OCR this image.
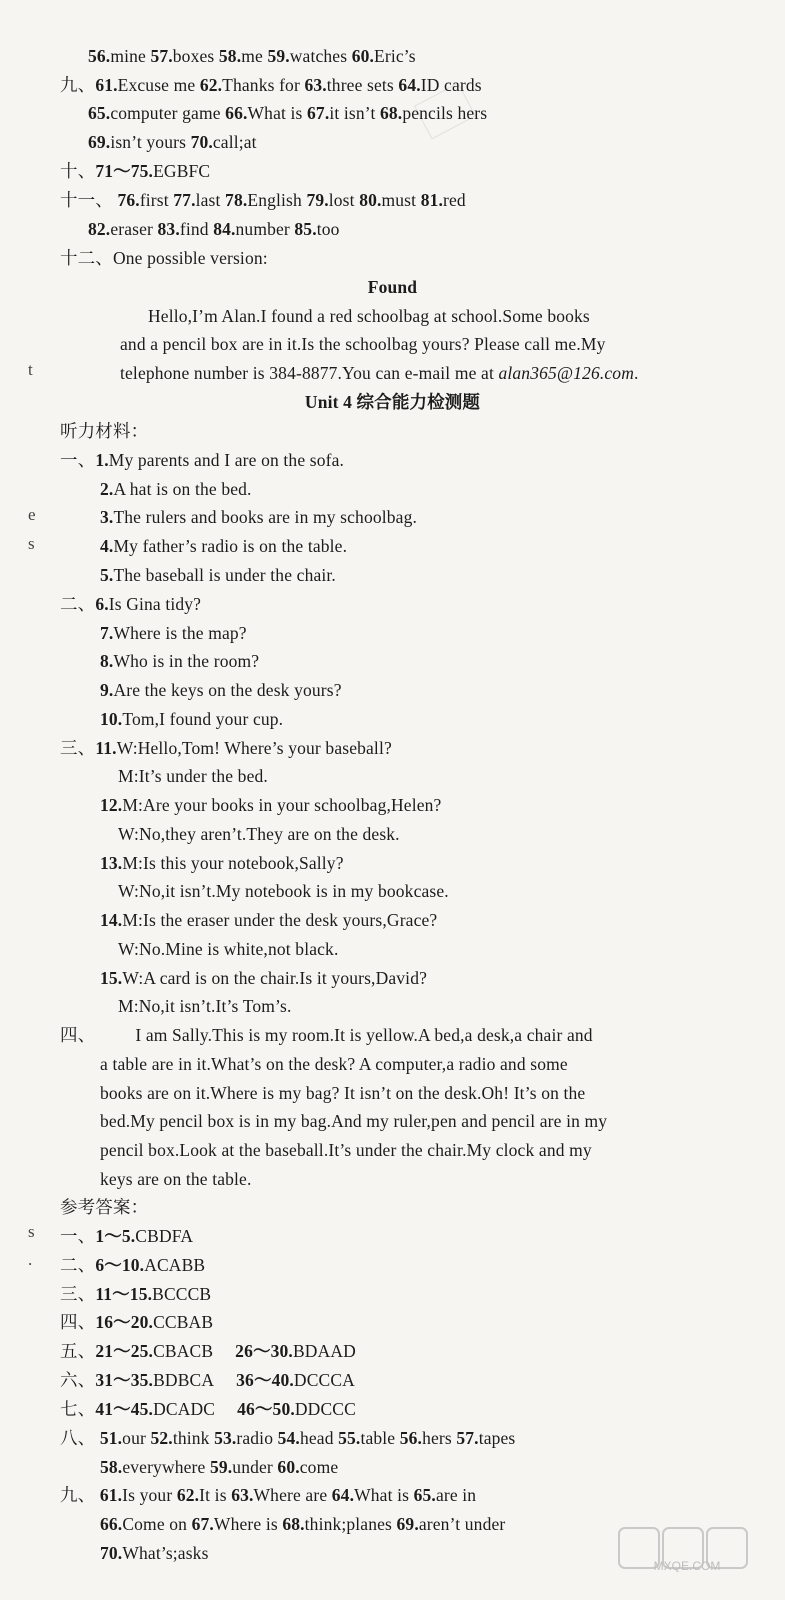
t
e
s
s
.
56.mine 57.boxes 58.me 59.watches 60.Eric’s
九、61.Excuse me 62.Thanks for 63.three sets 64.ID cards
65.computer game 66.What is 67.it isn’t 68.pencils hers
69.isn’t yours 70.call;at
十、71～75.EGBFC
十一、 76.first 77.last 78.English 79.lost 80.must 81.red
82.eraser 83.find 84.number 85.too
十二、One possible version:
Found
Hello,I’m Alan.I found a red schoolbag at school.Some books
and a pencil box are in it.Is the schoolbag yours? Please call me.My
telephone number is 384-8877.You can e-mail me at alan365@126.com.
Unit 4 综合能力检测题
听力材料：
一、1.My parents and I are on the sofa.
2.A hat is on the bed.
3.The rulers and books are in my schoolbag.
4.My father’s radio is on the table.
5.The baseball is under the chair.
二、6.Is Gina tidy?
7.Where is the map?
8.Who is in the room?
9.Are the keys on the desk yours?
10.Tom,I found your cup.
三、11.W:Hello,Tom! Where’s your baseball?
M:It’s under the bed.
12.M:Are your books in your schoolbag,Helen?
W:No,they aren’t.They are on the desk.
13.M:Is this your notebook,Sally?
W:No,it isn’t.My notebook is in my bookcase.
14.M:Is the eraser under the desk yours,Grace?
W:No.Mine is white,not black.
15.W:A card is on the chair.Is it yours,David?
M:No,it isn’t.It’s Tom’s.
四、 I am Sally.This is my room.It is yellow.A bed,a desk,a chair and
a table are in it.What’s on the desk? A computer,a radio and some
books are on it.Where is my bag? It isn’t on the desk.Oh! It’s on the
bed.My pencil box is in my bag.And my ruler,pen and pencil are in my
pencil box.Look at the baseball.It’s under the chair.My clock and my
keys are on the table.
参考答案：
一、1～5.CBDFA
二、6～10.ACABB
三、11～15.BCCCB
四、16～20.CCBAB
五、21～25.CBACB 26～30.BDAAD
六、31～35.BDBCA 36～40.DCCCA
七、41～45.DCADC 46～50.DDCCC
八、 51.our 52.think 53.radio 54.head 55.table 56.hers 57.tapes
58.everywhere 59.under 60.come
九、 61.Is your 62.It is 63.Where are 64.What is 65.are in
66.Come on 67.Where is 68.think;planes 69.aren’t under
70.What’s;asks
MXQE.COM
